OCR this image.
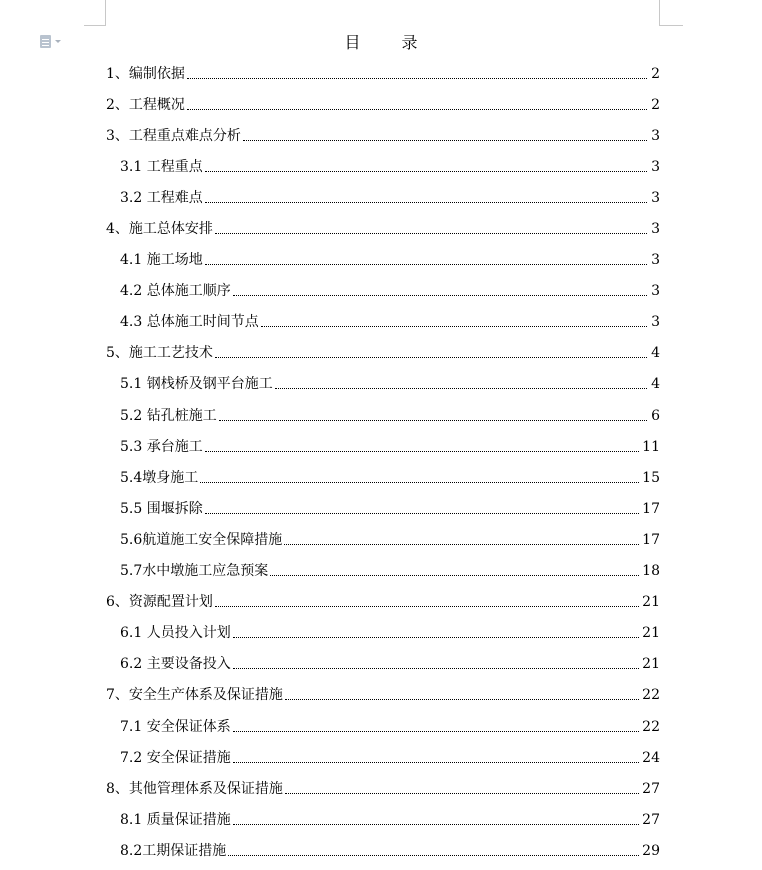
目 录
1、编制依据	2
2、工程概况	2
3、工程重点难点分析	3
3.1 工程重点	3
3.2 工程难点	3
4、施工总体安排	3
4.1 施工场地	3
4.2 总体施工顺序	3
4.3 总体施工时间节点	3
5、施工工艺技术	4
5.1 钢栈桥及钢平台施工	4
5.2 钻孔桩施工	6
5.3 承台施工	11
5.4墩身施工	15
5.5 围堰拆除	17
5.6航道施工安全保障措施	17
5.7水中墩施工应急预案	18
6、资源配置计划	21
6.1 人员投入计划	21
6.2 主要设备投入	21
7、安全生产体系及保证措施	22
7.1 安全保证体系	22
7.2 安全保证措施	24
8、其他管理体系及保证措施	27
8.1 质量保证措施	27
8.2工期保证措施	29
